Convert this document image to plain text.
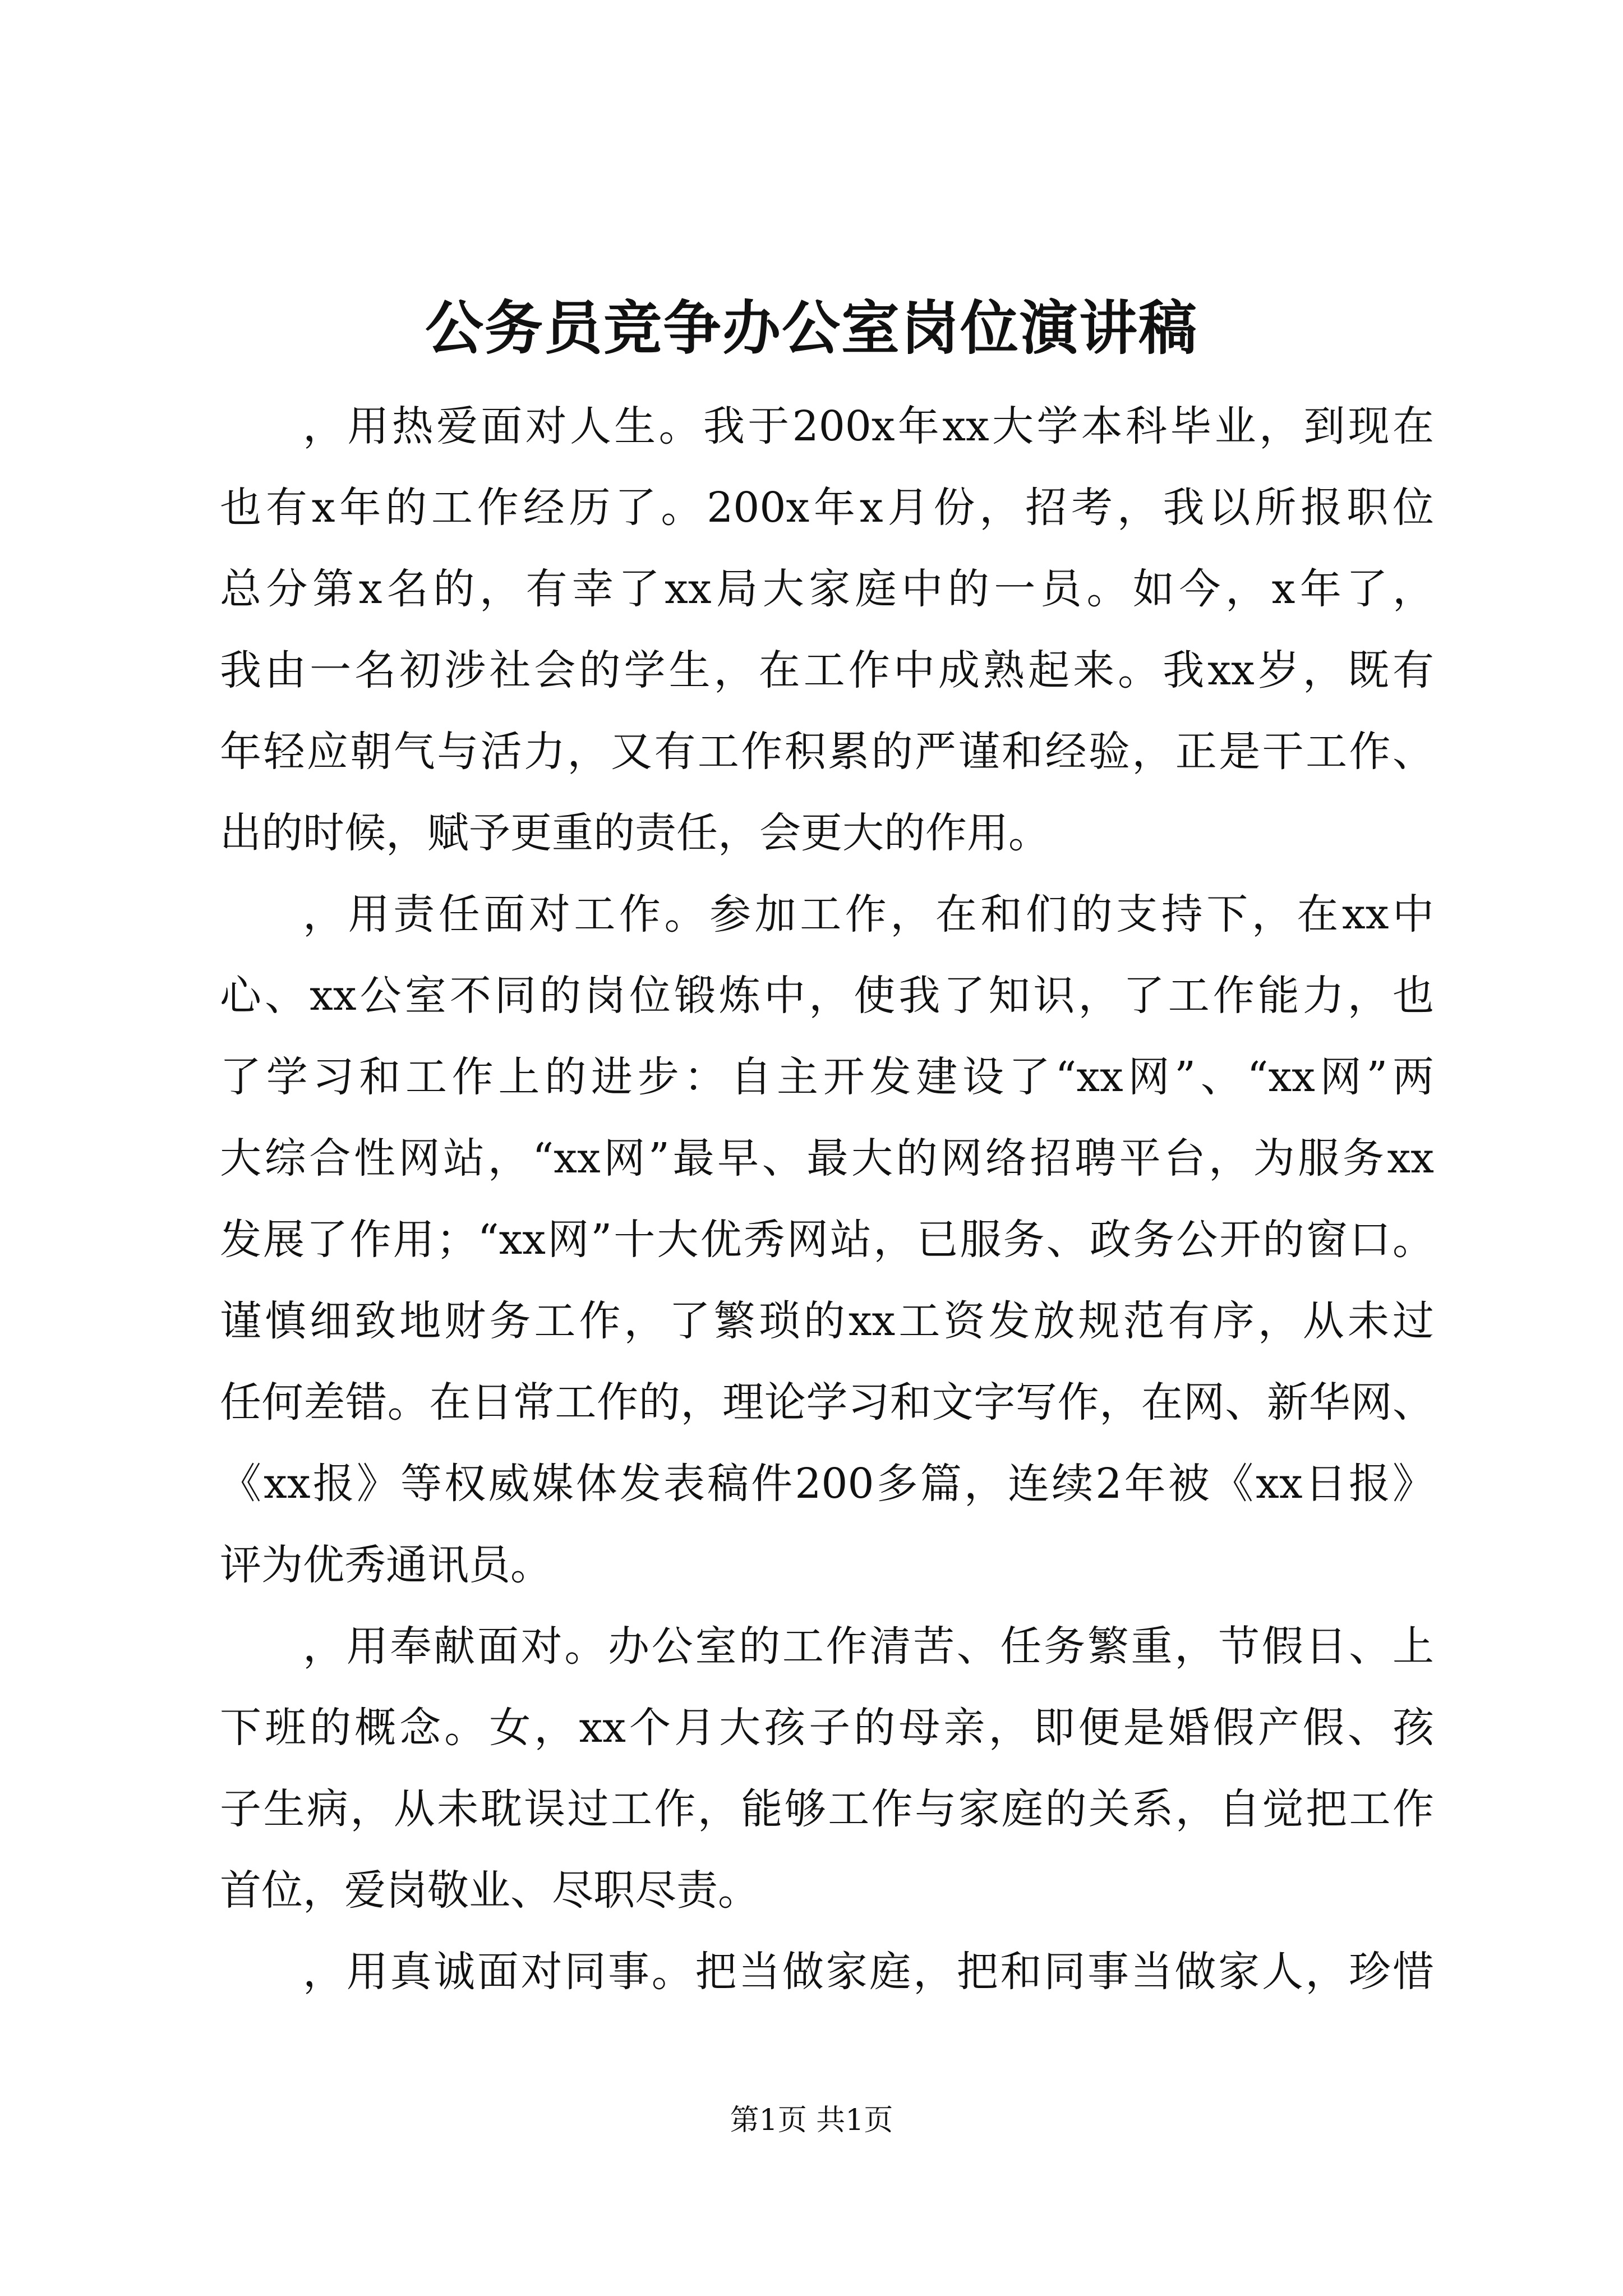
公务员竞争办公室岗位演讲稿
，用热爱面对人生。我于200x年xx大学本科毕业，到现在
也有x年的工作经历了。200x年x月份，招考，我以所报职位
总分第x名的，有幸了xx局大家庭中的一员。如今，x年了，
我由一名初涉社会的学生，在工作中成熟起来。我xx岁，既有
年轻应朝气与活力，又有工作积累的严谨和经验，正是干工作、
出的时候，赋予更重的责任，会更大的作用。
，用责任面对工作。参加工作，在和们的支持下，在xx中
心、xx公室不同的岗位锻炼中，使我了知识，了工作能力，也
了学习和工作上的进步：自主开发建设了“xx网”、“xx网”两
大综合性网站，“xx网”最早、最大的网络招聘平台，为服务xx
发展了作用；“xx网”十大优秀网站，已服务、政务公开的窗口。
谨慎细致地财务工作，了繁琐的xx工资发放规范有序，从未过
任何差错。在日常工作的，理论学习和文字写作，在网、新华网、
《xx报》等权威媒体发表稿件200多篇，连续2年被《xx日报》
评为优秀通讯员。
，用奉献面对。办公室的工作清苦、任务繁重，节假日、上
下班的概念。女，xx个月大孩子的母亲，即便是婚假产假、孩
子生病，从未耽误过工作，能够工作与家庭的关系，自觉把工作
首位，爱岗敬业、尽职尽责。
，用真诚面对同事。把当做家庭，把和同事当做家人，珍惜
第1页 共1页
